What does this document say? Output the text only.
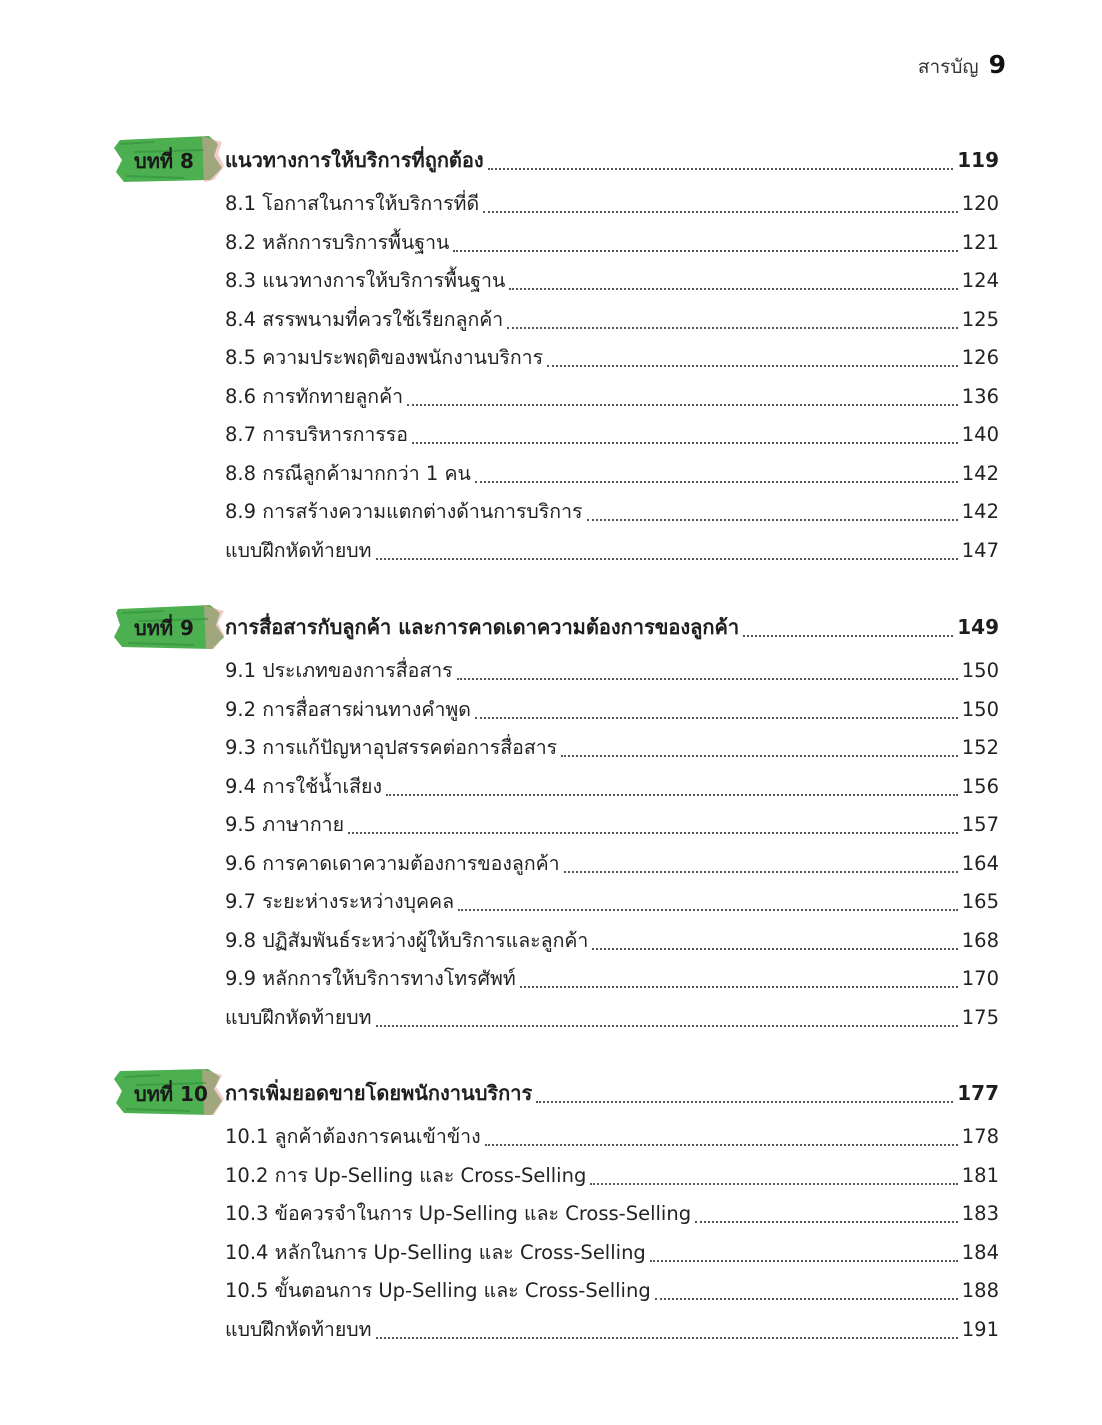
สารบัญ 9
บทที่ 8 แนวทางการให้บริการที่ถูกต้อง	119
8.1 โอกาสในการให้บริการที่ดี	120
8.2 หลักการบริการพื้นฐาน	121
8.3 แนวทางการให้บริการพื้นฐาน	124
8.4 สรรพนามที่ควรใช้เรียกลูกค้า	125
8.5 ความประพฤติของพนักงานบริการ	126
8.6 การทักทายลูกค้า	136
8.7 การบริหารการรอ	140
8.8 กรณีลูกค้ามากกว่า 1 คน	142
8.9 การสร้างความแตกต่างด้านการบริการ	142
แบบฝึกหัดท้ายบท	147
บทที่ 9 การสื่อสารกับลูกค้า และการคาดเดาความต้องการของลูกค้า	149
9.1 ประเภทของการสื่อสาร	150
9.2 การสื่อสารผ่านทางคำพูด	150
9.3 การแก้ปัญหาอุปสรรคต่อการสื่อสาร	152
9.4 การใช้น้ำเสียง	156
9.5 ภาษากาย	157
9.6 การคาดเดาความต้องการของลูกค้า	164
9.7 ระยะห่างระหว่างบุคคล	165
9.8 ปฏิสัมพันธ์ระหว่างผู้ให้บริการและลูกค้า	168
9.9 หลักการให้บริการทางโทรศัพท์	170
แบบฝึกหัดท้ายบท	175
บทที่ 10 การเพิ่มยอดขายโดยพนักงานบริการ	177
10.1 ลูกค้าต้องการคนเข้าข้าง	178
10.2 การ Up-Selling และ Cross-Selling	181
10.3 ข้อควรจำในการ Up-Selling และ Cross-Selling	183
10.4 หลักในการ Up-Selling และ Cross-Selling	184
10.5 ขั้นตอนการ Up-Selling และ Cross-Selling	188
แบบฝึกหัดท้ายบท	191
